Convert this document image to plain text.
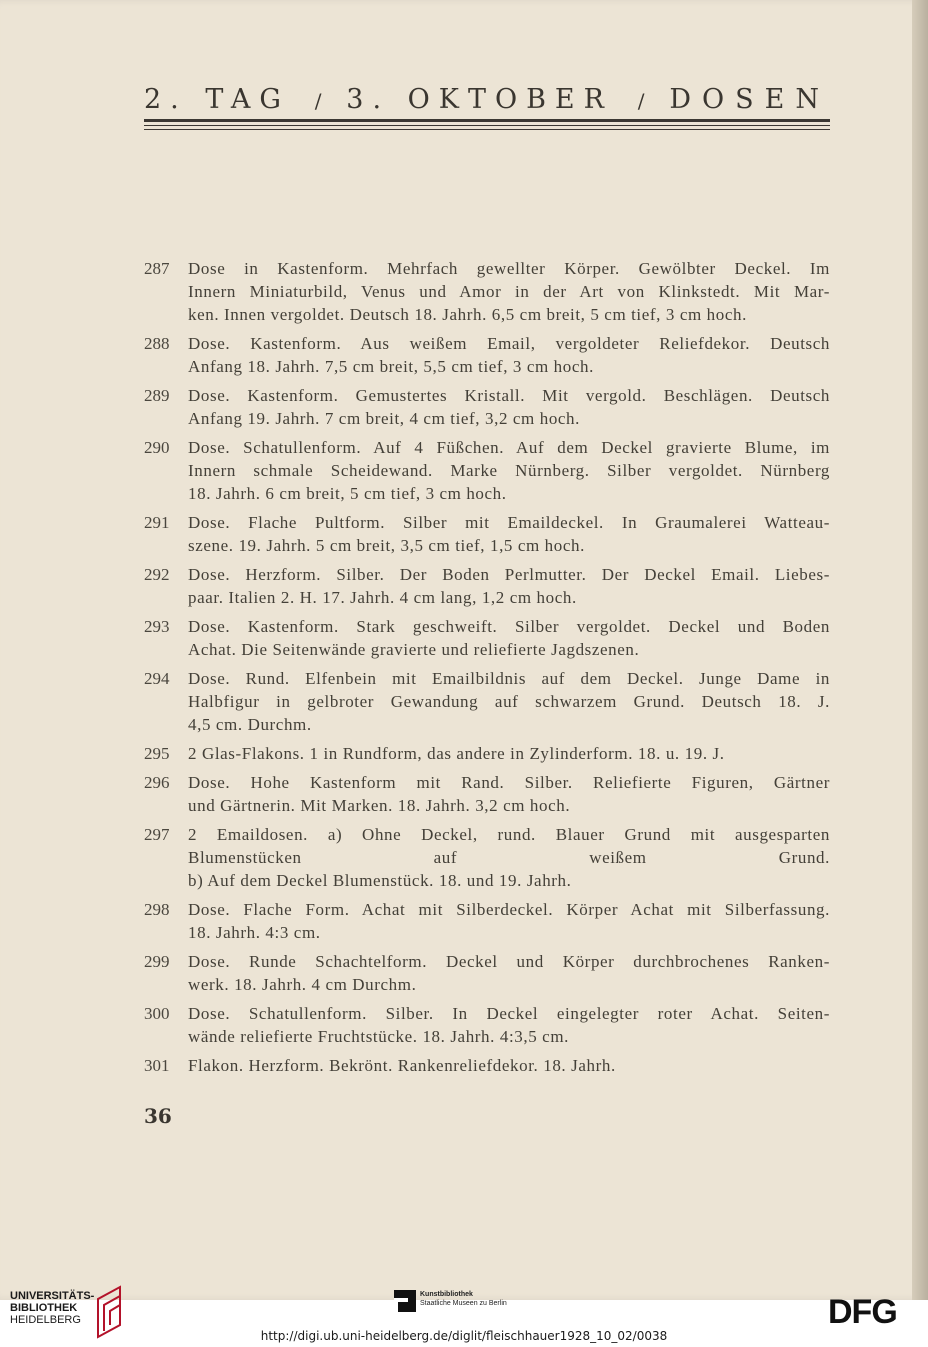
2. TAG / 3. OKTOBER / DOSEN
287	Dose in Kastenform. Mehrfach gewellter Körper. Gewölbter Deckel. Im
Innern Miniaturbild, Venus und Amor in der Art von Klinkstedt. Mit Mar-
ken. Innen vergoldet. Deutsch 18. Jahrh. 6,5 cm breit, 5 cm tief, 3 cm hoch.
288	Dose. Kastenform. Aus weißem Email, vergoldeter Reliefdekor. Deutsch
Anfang 18. Jahrh. 7,5 cm breit, 5,5 cm tief, 3 cm hoch.
289	Dose. Kastenform. Gemustertes Kristall. Mit vergold. Beschlägen. Deutsch
Anfang 19. Jahrh. 7 cm breit, 4 cm tief, 3,2 cm hoch.
290	Dose. Schatullenform. Auf 4 Füßchen. Auf dem Deckel gravierte Blume, im
Innern schmale Scheidewand. Marke Nürnberg. Silber vergoldet. Nürnberg
18. Jahrh. 6 cm breit, 5 cm tief, 3 cm hoch.
291	Dose. Flache Pultform. Silber mit Emaildeckel. In Graumalerei Watteau-
szene. 19. Jahrh. 5 cm breit, 3,5 cm tief, 1,5 cm hoch.
292	Dose. Herzform. Silber. Der Boden Perlmutter. Der Deckel Email. Liebes-
paar. Italien 2. H. 17. Jahrh. 4 cm lang, 1,2 cm hoch.
293	Dose. Kastenform. Stark geschweift. Silber vergoldet. Deckel und Boden
Achat. Die Seitenwände gravierte und reliefierte Jagdszenen.
294	Dose. Rund. Elfenbein mit Emailbildnis auf dem Deckel. Junge Dame in
Halbfigur in gelbroter Gewandung auf schwarzem Grund. Deutsch 18. J.
4,5 cm. Durchm.
295	2 Glas-Flakons. 1 in Rundform, das andere in Zylinderform. 18. u. 19. J.
296	Dose. Hohe Kastenform mit Rand. Silber. Reliefierte Figuren, Gärtner
und Gärtnerin. Mit Marken. 18. Jahrh. 3,2 cm hoch.
297	2 Emaildosen. a) Ohne Deckel, rund. Blauer Grund mit ausgesparten
Blumenstücken auf weißem Grund.
b) Auf dem Deckel Blumenstück. 18. und 19. Jahrh.
298	Dose. Flache Form. Achat mit Silberdeckel. Körper Achat mit Silberfassung.
18. Jahrh. 4:3 cm.
299	Dose. Runde Schachtelform. Deckel und Körper durchbrochenes Ranken-
werk. 18. Jahrh. 4 cm Durchm.
300	Dose. Schatullenform. Silber. In Deckel eingelegter roter Achat. Seiten-
wände reliefierte Fruchtstücke. 18. Jahrh. 4:3,5 cm.
301	Flakon. Herzform. Bekrönt. Rankenreliefdekor. 18. Jahrh.
36
UNIVERSITÄTS-
BIBLIOTHEK
HEIDELBERG
Kunstbibliothek
Staatliche Museen zu Berlin	DFG
http://digi.ub.uni-heidelberg.de/diglit/fleischhauer1928_10_02/0038
